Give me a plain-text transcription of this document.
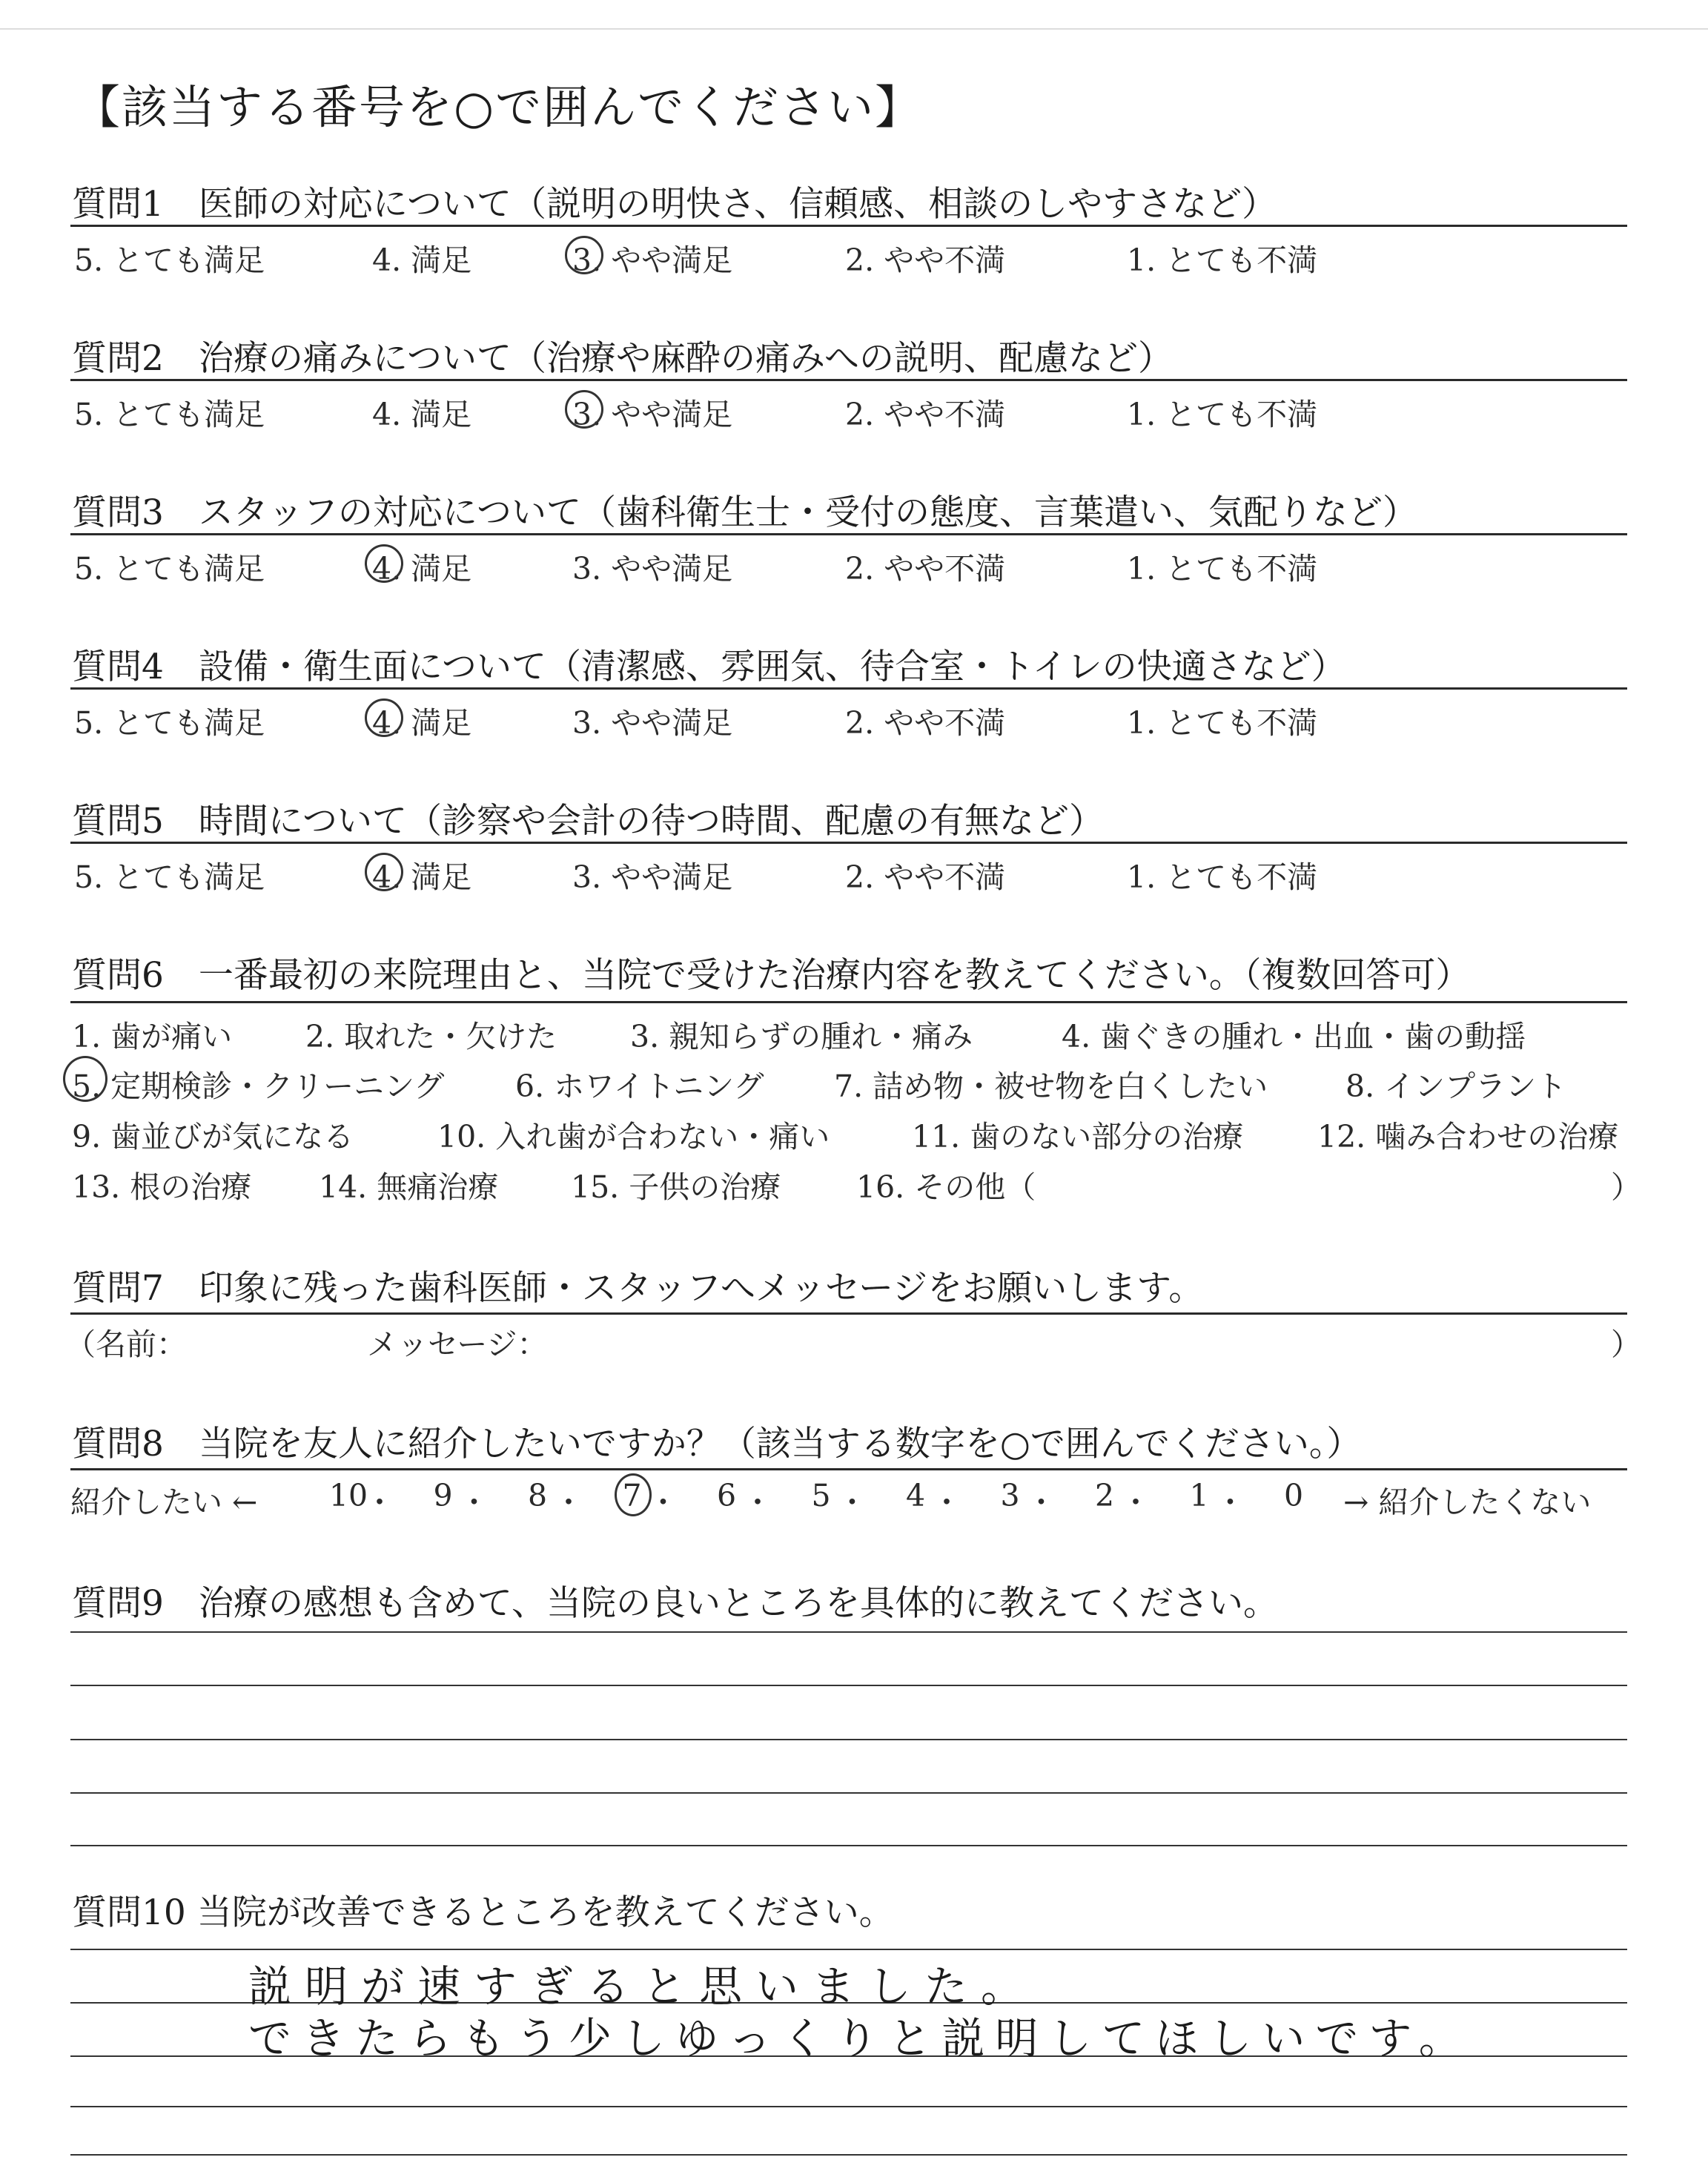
【該当する番号を○で囲んでください】
質問1　医師の対応について（説明の明快さ、信頼感、相談のしやすさなど）
5. とても満足	4. 満足	3. やや満足	2. やや不満	1. とても不満
質問2　治療の痛みについて（治療や麻酔の痛みへの説明、配慮など）
5. とても満足	4. 満足	3. やや満足	2. やや不満	1. とても不満
質問3　スタッフの対応について（歯科衛生士・受付の態度、言葉遣い、気配りなど）
5. とても満足	4. 満足	3. やや満足	2. やや不満	1. とても不満
質問4　設備・衛生面について（清潔感、雰囲気、待合室・トイレの快適さなど）
5. とても満足	4. 満足	3. やや満足	2. やや不満	1. とても不満
質問5　時間について（診察や会計の待つ時間、配慮の有無など）
5. とても満足	4. 満足	3. やや満足	2. やや不満	1. とても不満
質問6　一番最初の来院理由と、当院で受けた治療内容を教えてください。（複数回答可）
1. 歯が痛い 2. 取れた・欠けた 3. 親知らずの腫れ・痛み	4. 歯ぐきの腫れ・出血・歯の動揺
5. 定期検診・クリーニング 6. ホワイトニング 7. 詰め物・被せ物を白くしたい	8. インプラント
9. 歯並びが気になる	10. 入れ歯が合わない・痛い	11. 歯のない部分の治療 12. 噛み合わせの治療
13. 根の治療 14. 無痛治療 15. 子供の治療 16. その他（	）
質問7　印象に残った歯科医師・スタッフへメッセージをお願いします。
（名前：	メッセージ：	）
質問8　当院を友人に紹介したいですか？（該当する数字を○で囲んでください。）
紹介したい ← 10
・	9 ・	8 ・	7 ・	6 ・	5 ・	4 ・	3 ・	2 ・	1 ・	0	→ 紹介したくない
質問9　治療の感想も含めて、当院の良いところを具体的に教えてください。
質問10 当院が改善できるところを教えてください。
説明が速すぎると思いました。
できたらもう少しゆっくりと説明してほしいです。
